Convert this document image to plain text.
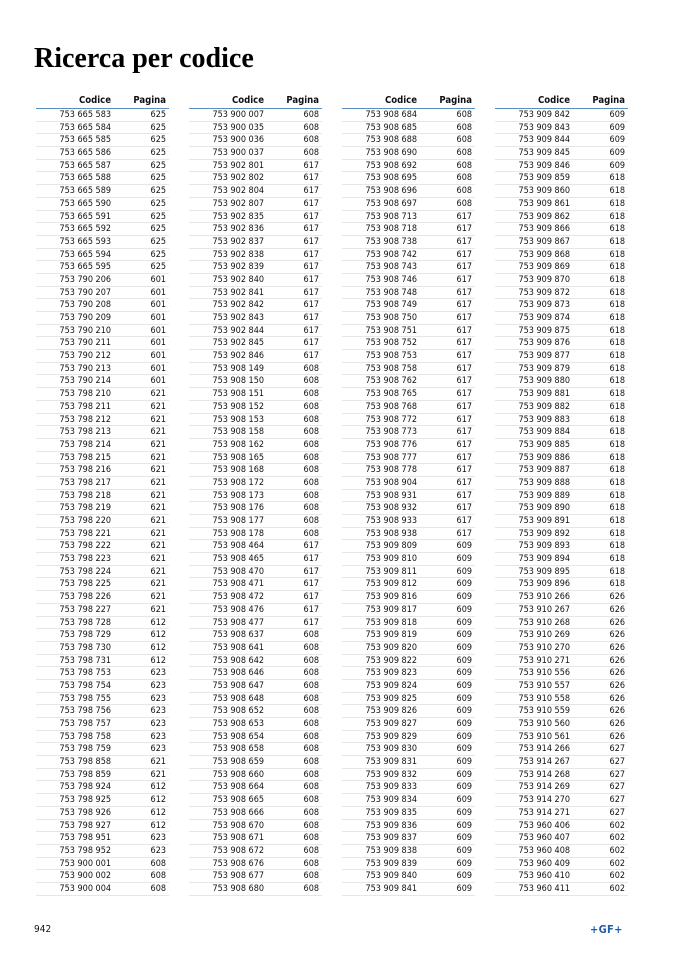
Ricerca per codice
Codice Pagina
753 665 583	625
753 665 584	625
753 665 585	625
753 665 586	625
753 665 587	625
753 665 588	625
753 665 589	625
753 665 590	625
753 665 591	625
753 665 592	625
753 665 593	625
753 665 594	625
753 665 595	625
753 790 206	601
753 790 207	601
753 790 208	601
753 790 209	601
753 790 210	601
753 790 211	601
753 790 212	601
753 790 213	601
753 790 214	601
753 798 210	621
753 798 211	621
753 798 212	621
753 798 213	621
753 798 214	621
753 798 215	621
753 798 216	621
753 798 217	621
753 798 218	621
753 798 219	621
753 798 220	621
753 798 221	621
753 798 222	621
753 798 223	621
753 798 224	621
753 798 225	621
753 798 226	621
753 798 227	621
753 798 728	612
753 798 729	612
753 798 730	612
753 798 731	612
753 798 753	623
753 798 754	623
753 798 755	623
753 798 756	623
753 798 757	623
753 798 758	623
753 798 759	623
753 798 858	621
753 798 859	621
753 798 924	612
753 798 925	612
753 798 926	612
753 798 927	612
753 798 951	623
753 798 952	623
753 900 001	608
753 900 002	608
753 900 004	608
Codice Pagina
753 900 007	608
753 900 035	608
753 900 036	608
753 900 037	608
753 902 801	617
753 902 802	617
753 902 804	617
753 902 807	617
753 902 835	617
753 902 836	617
753 902 837	617
753 902 838	617
753 902 839	617
753 902 840	617
753 902 841	617
753 902 842	617
753 902 843	617
753 902 844	617
753 902 845	617
753 902 846	617
753 908 149	608
753 908 150	608
753 908 151	608
753 908 152	608
753 908 153	608
753 908 158	608
753 908 162	608
753 908 165	608
753 908 168	608
753 908 172	608
753 908 173	608
753 908 176	608
753 908 177	608
753 908 178	608
753 908 464	617
753 908 465	617
753 908 470	617
753 908 471	617
753 908 472	617
753 908 476	617
753 908 477	617
753 908 637	608
753 908 641	608
753 908 642	608
753 908 646	608
753 908 647	608
753 908 648	608
753 908 652	608
753 908 653	608
753 908 654	608
753 908 658	608
753 908 659	608
753 908 660	608
753 908 664	608
753 908 665	608
753 908 666	608
753 908 670	608
753 908 671	608
753 908 672	608
753 908 676	608
753 908 677	608
753 908 680	608
Codice Pagina
753 908 684	608
753 908 685	608
753 908 688	608
753 908 690	608
753 908 692	608
753 908 695	608
753 908 696	608
753 908 697	608
753 908 713	617
753 908 718	617
753 908 738	617
753 908 742	617
753 908 743	617
753 908 746	617
753 908 748	617
753 908 749	617
753 908 750	617
753 908 751	617
753 908 752	617
753 908 753	617
753 908 758	617
753 908 762	617
753 908 765	617
753 908 768	617
753 908 772	617
753 908 773	617
753 908 776	617
753 908 777	617
753 908 778	617
753 908 904	617
753 908 931	617
753 908 932	617
753 908 933	617
753 908 938	617
753 909 809	609
753 909 810	609
753 909 811	609
753 909 812	609
753 909 816	609
753 909 817	609
753 909 818	609
753 909 819	609
753 909 820	609
753 909 822	609
753 909 823	609
753 909 824	609
753 909 825	609
753 909 826	609
753 909 827	609
753 909 829	609
753 909 830	609
753 909 831	609
753 909 832	609
753 909 833	609
753 909 834	609
753 909 835	609
753 909 836	609
753 909 837	609
753 909 838	609
753 909 839	609
753 909 840	609
753 909 841	609
Codice Pagina
753 909 842	609
753 909 843	609
753 909 844	609
753 909 845	609
753 909 846	609
753 909 859	618
753 909 860	618
753 909 861	618
753 909 862	618
753 909 866	618
753 909 867	618
753 909 868	618
753 909 869	618
753 909 870	618
753 909 872	618
753 909 873	618
753 909 874	618
753 909 875	618
753 909 876	618
753 909 877	618
753 909 879	618
753 909 880	618
753 909 881	618
753 909 882	618
753 909 883	618
753 909 884	618
753 909 885	618
753 909 886	618
753 909 887	618
753 909 888	618
753 909 889	618
753 909 890	618
753 909 891	618
753 909 892	618
753 909 893	618
753 909 894	618
753 909 895	618
753 909 896	618
753 910 266	626
753 910 267	626
753 910 268	626
753 910 269	626
753 910 270	626
753 910 271	626
753 910 556	626
753 910 557	626
753 910 558	626
753 910 559	626
753 910 560	626
753 910 561	626
753 914 266	627
753 914 267	627
753 914 268	627
753 914 269	627
753 914 270	627
753 914 271	627
753 960 406	602
753 960 407	602
753 960 408	602
753 960 409	602
753 960 410	602
753 960 411	602
942	+GF+
